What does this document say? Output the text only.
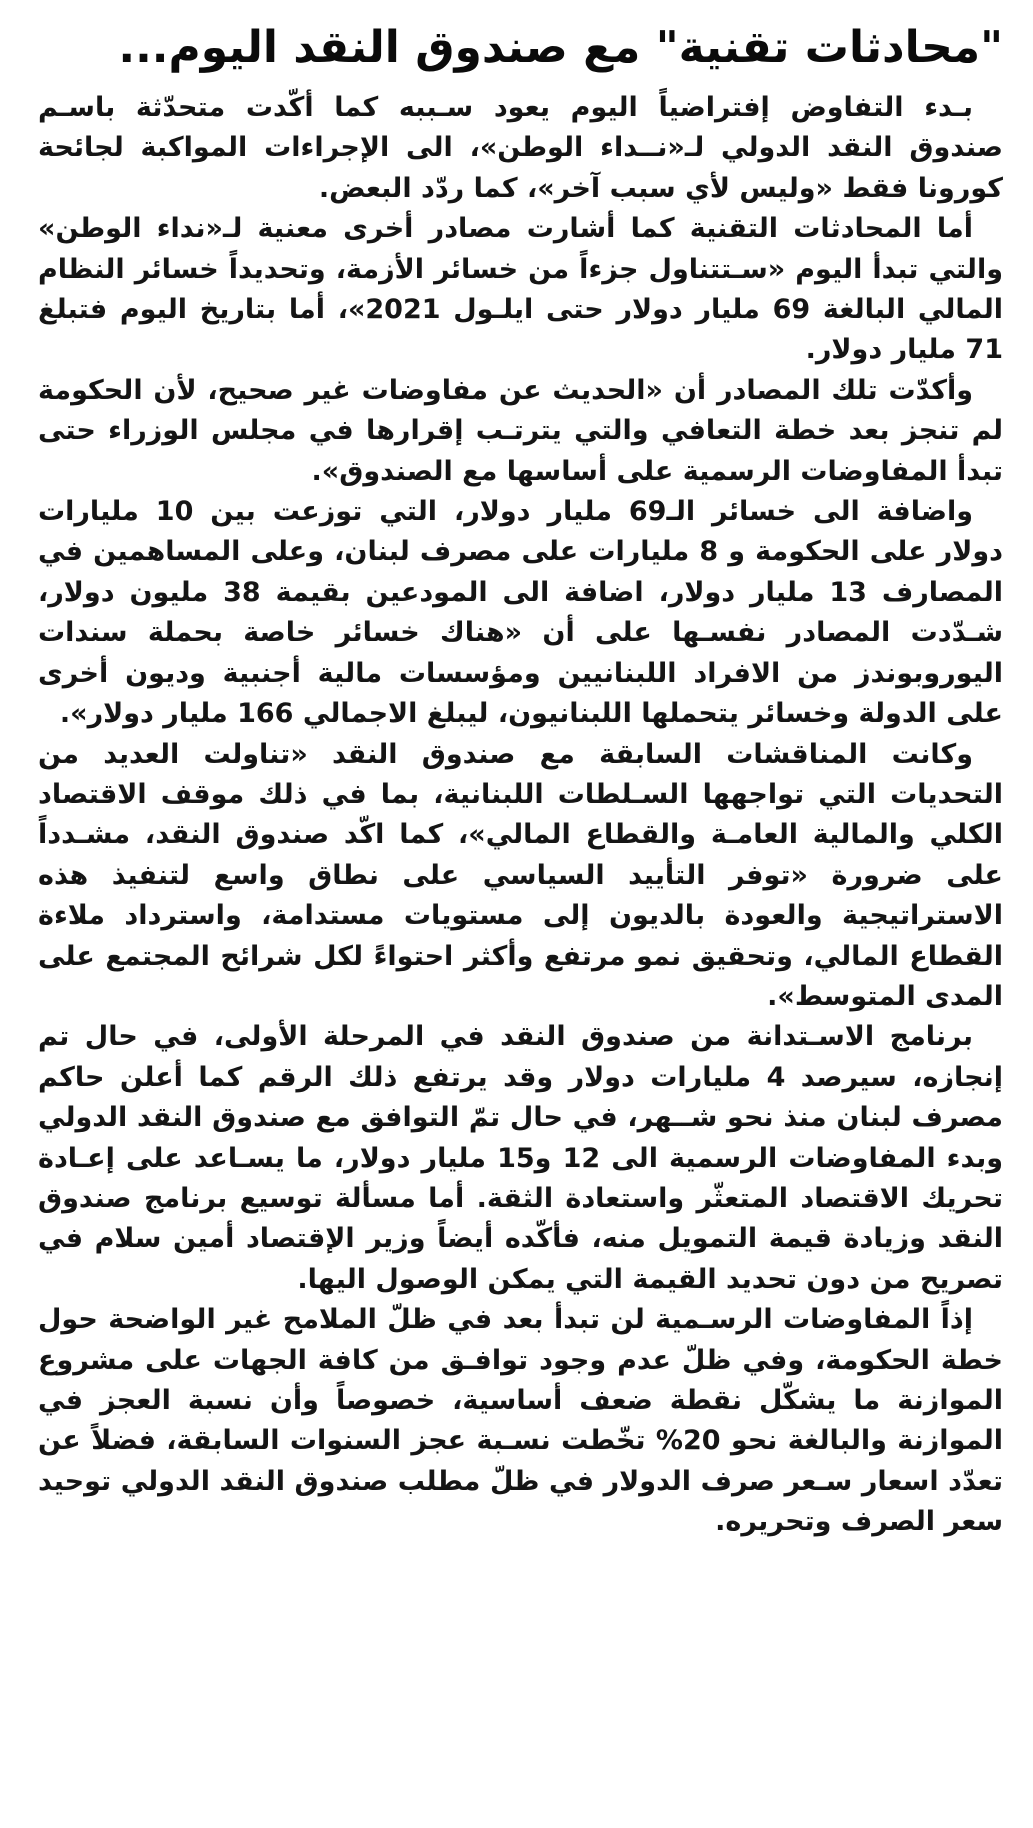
"محادثات تقنية" مع صندوق النقد اليوم...

بـدء التفاوض إفتراضياً اليوم يعود سـببه كما أكّدت متحدّثة باسـم صندوق النقد الدولي لـ«نــداء الوطن»، الى الإجراءات المواكبة لجائحة كورونا فقط «وليس لأي سبب آخر»، كما ردّد البعض.

أما المحادثات التقنية كما أشارت مصادر أخرى معنية لـ«نداء الوطن» والتي تبدأ اليوم «سـتتناول جزءاً من خسائر الأزمة، وتحديداً خسائر النظام المالي البالغة 69 مليار دولار حتى ايلـول 2021»، أما بتاريخ اليوم فتبلغ 71 مليار دولار.

وأكدّت تلك المصادر أن «الحديث عن مفاوضات غير صحيح، لأن الحكومة لم تنجز بعد خطة التعافي والتي يترتـب إقرارها في مجلس الوزراء حتى تبدأ المفاوضات الرسمية على أساسها مع الصندوق».

واضافة الى خسائر الـ69 مليار دولار، التي توزعت بين 10 مليارات دولار على الحكومة و 8 مليارات على مصرف لبنان، وعلى المساهمين في المصارف 13 مليار دولار، اضافة الى المودعين بقيمة 38 مليون دولار، شـدّدت المصادر نفسـها على أن «هناك خسائر خاصة بحملة سندات اليوروبوندز من الافراد اللبنانيين ومؤسسات مالية أجنبية وديون أخرى على الدولة وخسائر يتحملها اللبنانيون، ليبلغ الاجمالي 166 مليار دولار».

وكانت المناقشات السابقة مع صندوق النقد «تناولت العديد من التحديات التي تواجهها السـلطات اللبنانية، بما في ذلك موقف الاقتصاد الكلي والمالية العامـة والقطاع المالي»، كما اكّد صندوق النقد، مشـدداً على ضرورة «توفر التأييد السياسي على نطاق واسع لتنفيذ هذه الاستراتيجية والعودة بالديون إلى مستويات مستدامة، واسترداد ملاءة القطاع المالي، وتحقيق نمو مرتفع وأكثر احتواءً لكل شرائح المجتمع على المدى المتوسط».

برنامج الاسـتدانة من صندوق النقد في المرحلة الأولى، في حال تم إنجازه، سيرصد 4 مليارات دولار وقد يرتفع ذلك الرقم كما أعلن حاكم مصرف لبنان منذ نحو شــهر، في حال تمّ التوافق مع صندوق النقد الدولي وبدء المفاوضات الرسمية الى 12 و15 مليار دولار، ما يسـاعد على إعـادة تحريك الاقتصاد المتعثّر واستعادة الثقة. أما مسألة توسيع برنامج صندوق النقد وزيادة قيمة التمويل منه، فأكّده أيضاً وزير الإقتصاد أمين سلام في تصريح من دون تحديد القيمة التي يمكن الوصول اليها.

إذاً المفاوضات الرسـمية لن تبدأ بعد في ظلّ الملامح غير الواضحة حول خطة الحكومة، وفي ظلّ عدم وجود توافـق من كافة الجهات على مشروع الموازنة ما يشكّل نقطة ضعف أساسية، خصوصاً وأن نسبة العجز في الموازنة والبالغة نحو 20% تخّطت نسـبة عجز السنوات السابقة، فضلاً عن تعدّد اسعار سـعر صرف الدولار في ظلّ مطلب صندوق النقد الدولي توحيد سعر الصرف وتحريره.
